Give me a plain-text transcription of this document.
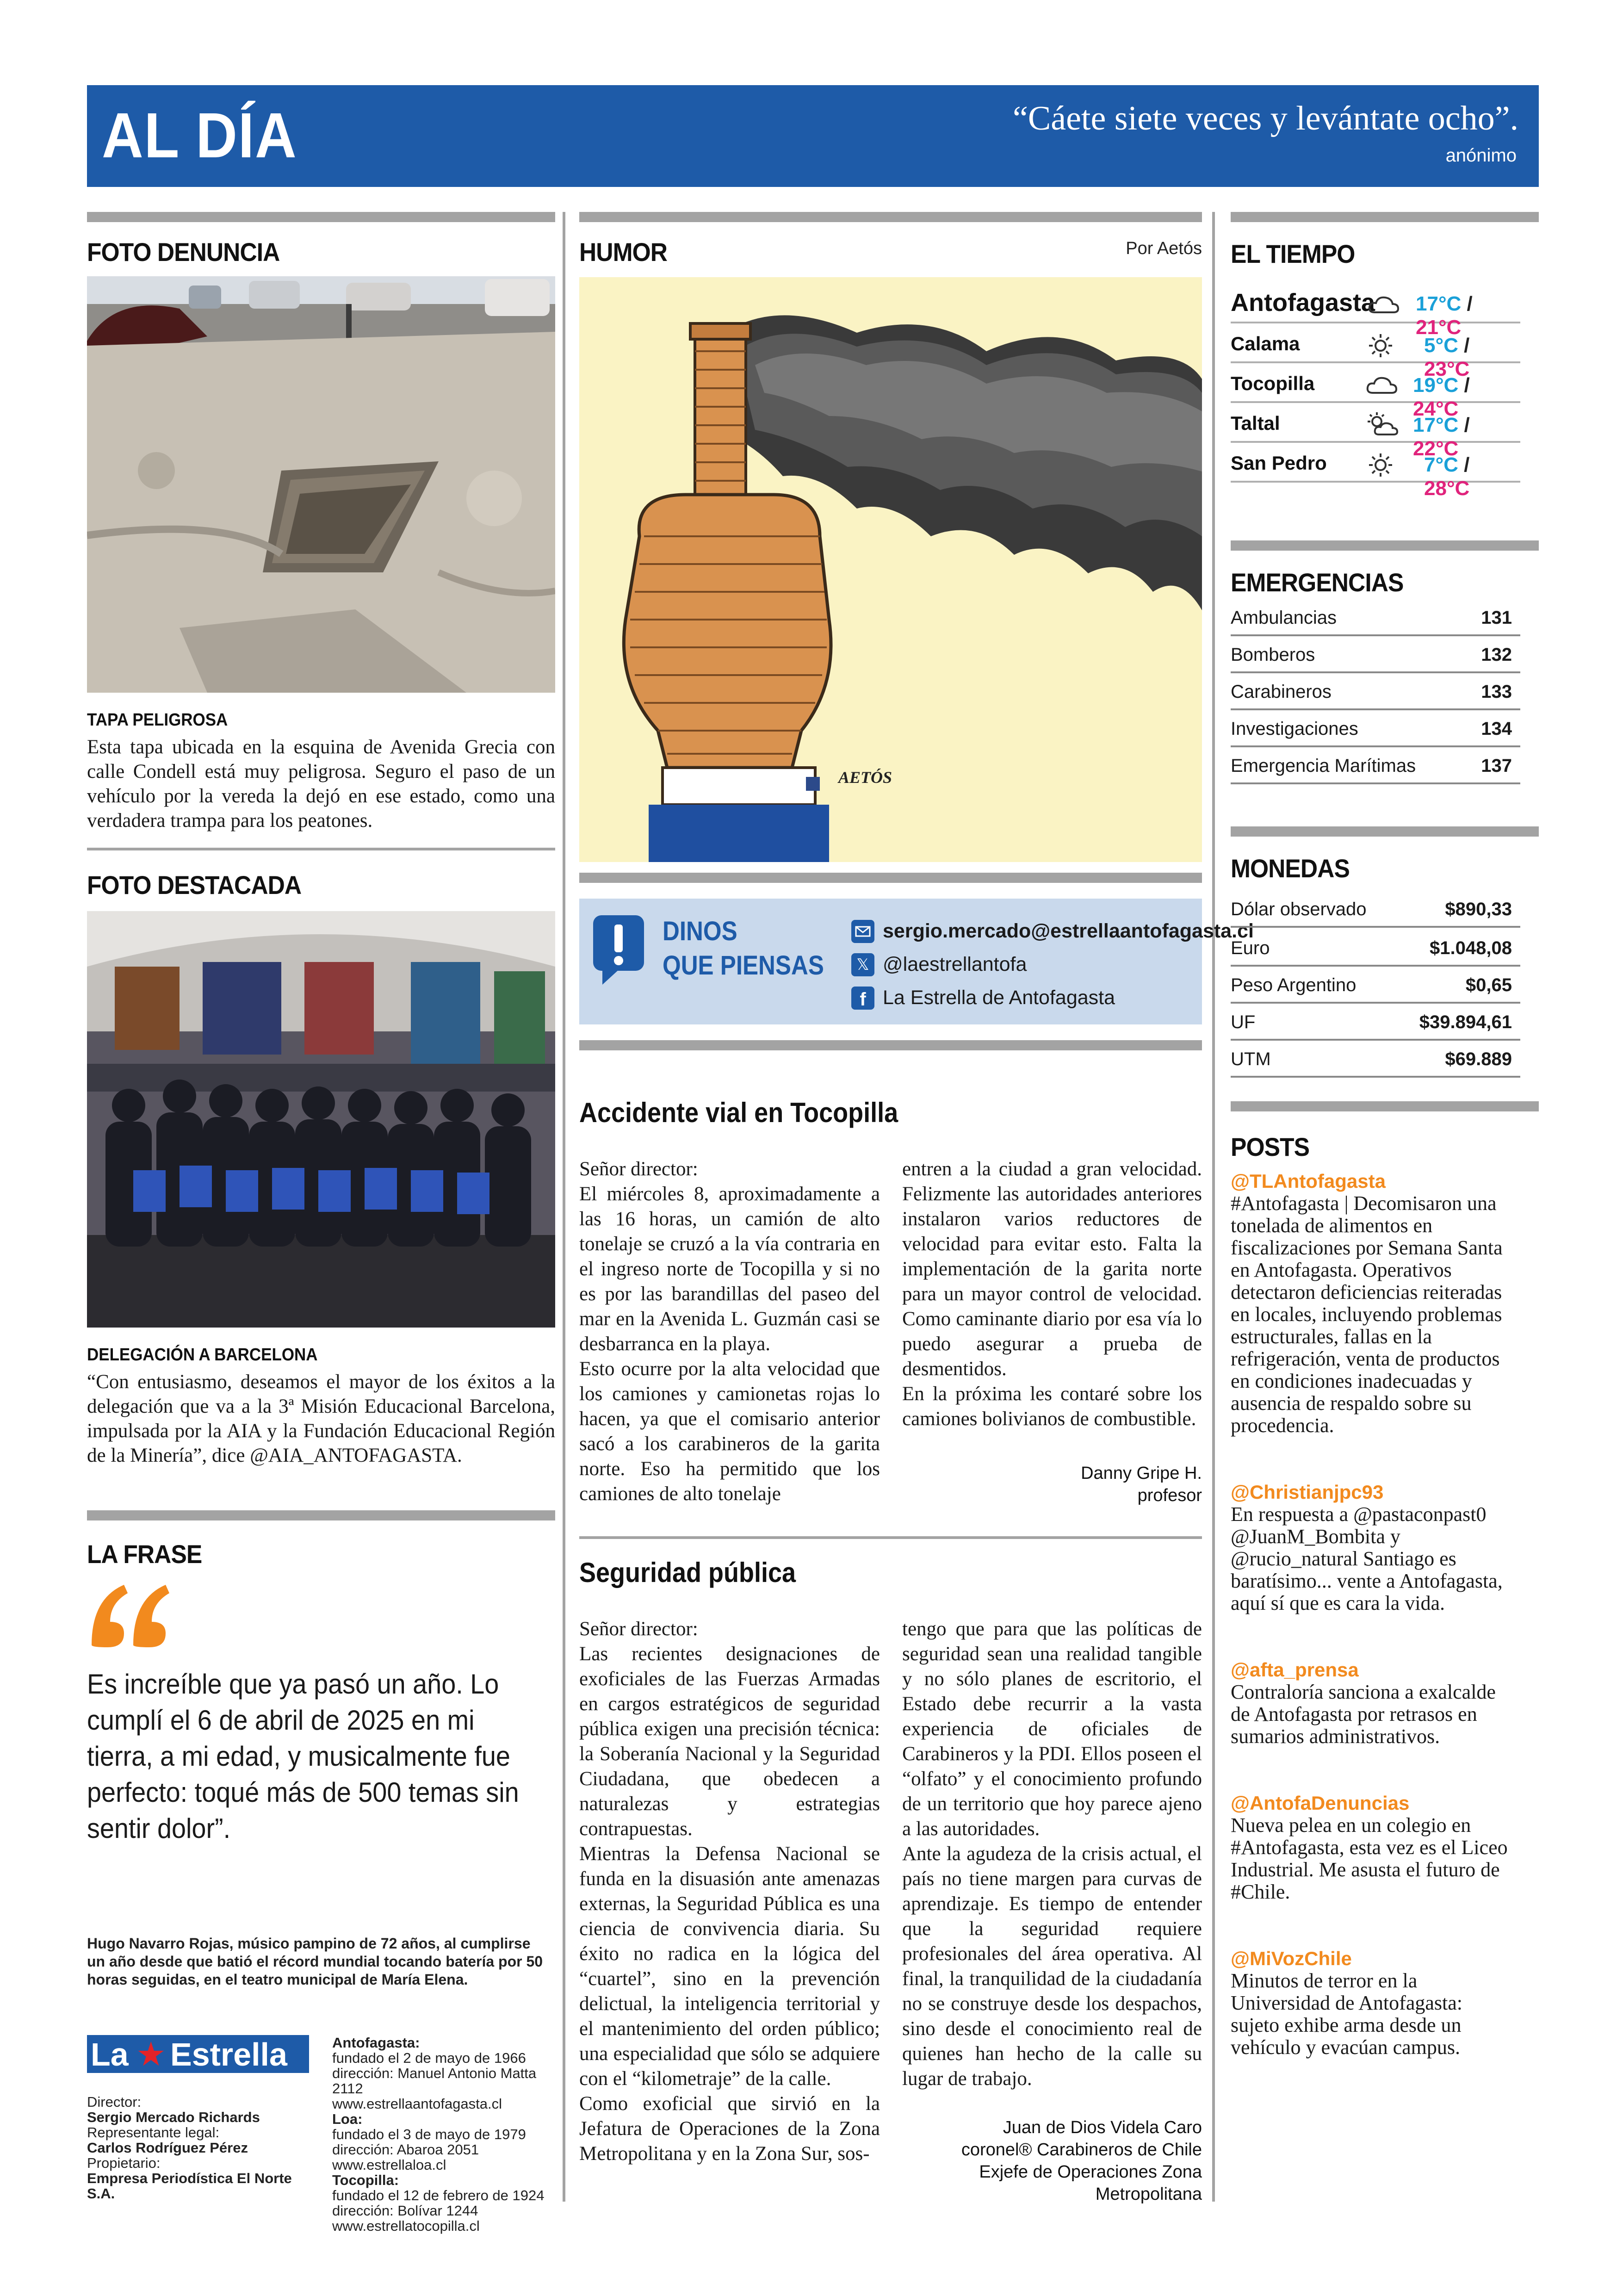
AL DÍA	“Cáete siete veces y levántate ocho”.
anónimo
FOTO DENUNCIA
TAPA PELIGROSA
Esta tapa ubicada en la esquina de Avenida Grecia con calle Condell está muy peligrosa. Seguro el paso de un vehículo por la vereda la dejó en ese estado, como una verdadera trampa para los peatones.
FOTO DESTACADA
DELEGACIÓN A BARCELONA
“Con entusiasmo, deseamos el mayor de los éxitos a la delegación que va a la 3ª Misión Educacional Barcelona, impulsada por la AIA y la Fundación Educacional Región de la Minería”, dice @AIA_ANTOFAGASTA.
LA FRASE
Es increíble que ya pasó un año. Lo cumplí el 6 de abril de 2025 en mi tierra, a mi edad, y musicalmente fue perfecto: toqué más de 500 temas sin sentir dolor”.
Hugo Navarro Rojas, músico pampino de 72 años, al cumplirse un año desde que batió el récord mundial tocando batería por 50 horas seguidas, en el teatro municipal de María Elena.
La ★ Estrella
Director:
Sergio Mercado Richards
Representante legal:
Carlos Rodríguez Pérez
Propietario:
Empresa Periodística El Norte S.A.
Antofagasta:
fundado el 2 de mayo de 1966
dirección: Manuel Antonio Matta 2112
www.estrellaantofagasta.cl
Loa:
fundado el 3 de mayo de 1979
dirección: Abaroa 2051
www.estrellaloa.cl
Tocopilla:
fundado el 12 de febrero de 1924
dirección: Bolívar 1244
www.estrellatocopilla.cl
HUMOR	Por Aetós
AETÓS
DINOS
QUE PIENSAS
sergio.mercado@estrellaantofagasta.cl
𝕏 @laestrellantofa
f La Estrella de Antofagasta
Accidente vial en Tocopilla
Señor director:
El miércoles 8, aproximadamente a las 16 horas, un camión de alto tonelaje se cruzó a la vía contraria en el ingreso norte de Tocopilla y si no es por las barandillas del paseo del mar en la Avenida L. Guzmán casi se desbarranca en la playa.
Esto ocurre por la alta velocidad que los camiones y camionetas rojas lo hacen, ya que el comisario anterior sacó a los carabineros de la garita norte. Eso ha permitido que los camiones de alto tonelaje
entren a la ciudad a gran velocidad. Felizmente las autoridades anteriores instalaron varios reductores de velocidad para evitar esto. Falta la implementación de la garita norte para un mayor control de velocidad. Como caminante diario por esa vía lo puedo asegurar a prueba de desmentidos.
En la próxima les contaré sobre los camiones bolivianos de combustible.
Danny Gripe H.
profesor
Seguridad pública
Señor director:
Las recientes designaciones de exoficiales de las Fuerzas Armadas en cargos estratégicos de seguridad pública exigen una precisión técnica: la Soberanía Nacional y la Seguridad Ciudadana, que obedecen a naturalezas y estrategias contrapuestas.
Mientras la Defensa Nacional se funda en la disuasión ante amenazas externas, la Seguridad Pública es una ciencia de convivencia diaria. Su éxito no radica en la lógica del “cuartel”, sino en la prevención delictual, la inteligencia territorial y el mantenimiento del orden público; una especialidad que sólo se adquiere con el “kilometraje” de la calle.
Como exoficial que sirvió en la Jefatura de Operaciones de la Zona Metropolitana y en la Zona Sur, sos-
tengo que para que las políticas de seguridad sean una realidad tangible y no sólo planes de escritorio, el Estado debe recurrir a la vasta experiencia de oficiales de Carabineros y la PDI. Ellos poseen el “olfato” y el conocimiento profundo de un territorio que hoy parece ajeno a las autoridades.
Ante la agudeza de la crisis actual, el país no tiene margen para curvas de aprendizaje. Es tiempo de entender que la seguridad requiere profesionales del área operativa. Al final, la tranquilidad de la ciudadanía no se construye desde los despachos, sino desde el conocimiento real de quienes han hecho de la calle su lugar de trabajo.
Juan de Dios Videla Caro
coronel® Carabineros de Chile
Exjefe de Operaciones Zona Metropolitana
EL TIEMPO
Antofagasta 17°C / 21°C
Calama	5°C / 23°C
Tocopilla	19°C / 24°C
Taltal	17°C / 22°C
San Pedro	7°C / 28°C
EMERGENCIAS
Ambulancias	131
Bomberos	132
Carabineros	133
Investigaciones	134
Emergencia Marítimas	137
MONEDAS
Dólar observado	$890,33
Euro	$1.048,08
Peso Argentino	$0,65
UF	$39.894,61
UTM	$69.889
POSTS
@TLAntofagasta
#Antofagasta | Decomisaron una tonelada de alimentos en fiscalizaciones por Semana Santa en Antofagasta. Operativos detectaron deficiencias reiteradas en locales, incluyendo problemas estructurales, fallas en la refrigeración, venta de productos en condiciones inadecuadas y ausencia de respaldo sobre su procedencia.
@Christianjpc93
En respuesta a @pastaconpast0 @JuanM_Bombita y @rucio_natural Santiago es baratísimo... vente a Antofagasta, aquí sí que es cara la vida.
@afta_prensa
Contraloría sanciona a exalcalde de Antofagasta por retrasos en sumarios administrativos.
@AntofaDenuncias
Nueva pelea en un colegio en #Antofagasta, esta vez es el Liceo Industrial. Me asusta el futuro de #Chile.
@MiVozChile
Minutos de terror en la Universidad de Antofagasta: sujeto exhibe arma desde un vehículo y evacúan campus.
